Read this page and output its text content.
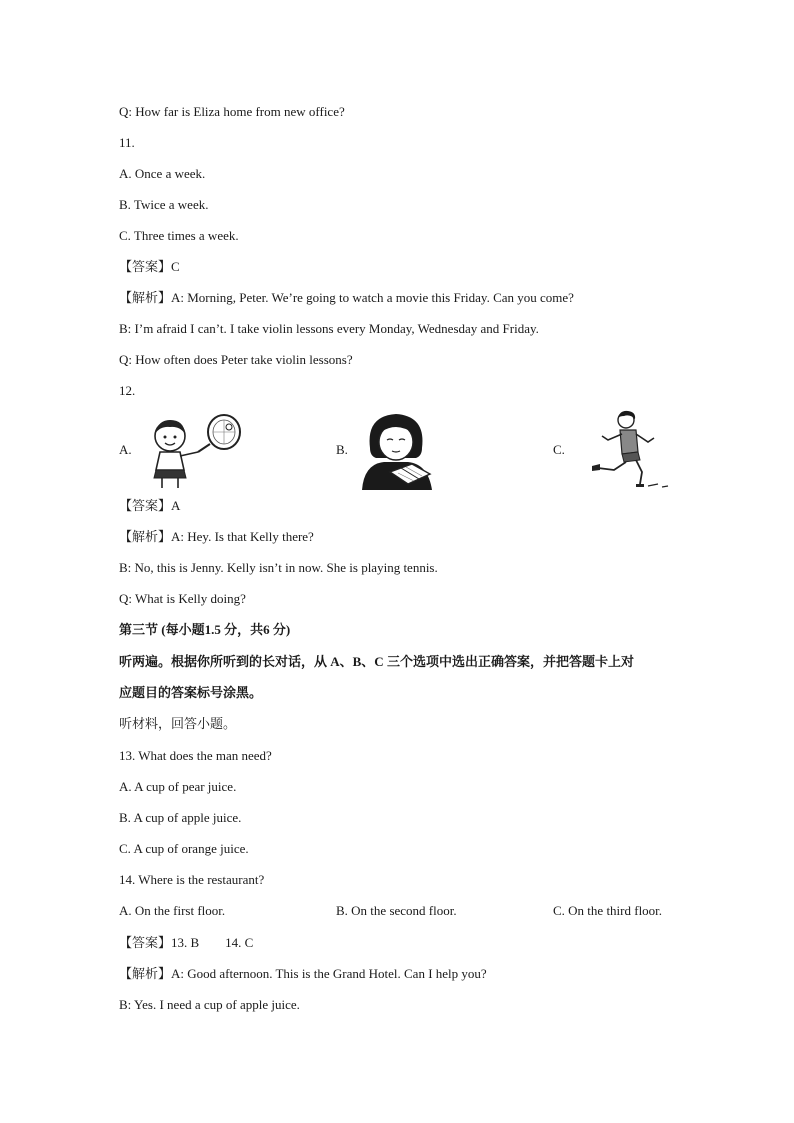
Q: How far is Eliza home from new office?
11.
A. Once a week.
B. Twice a week.
C. Three times a week.
【答案】C
【解析】A: Morning, Peter. We’re going to watch a movie this Friday. Can you come?
B: I’m afraid I can’t. I take violin lessons every Monday, Wednesday and Friday.
Q: How often does Peter take violin lessons?
12.
A.	B.	C.
【答案】A
【解析】A: Hey. Is that Kelly there?
B: No, this is Jenny. Kelly isn’t in now. She is playing tennis.
Q: What is Kelly doing?
第三节 (每小题1.5 分，共6 分)
听两遍。根据你所听到的长对话，从 A、B、C 三个选项中选出正确答案，并把答题卡上对
应题目的答案标号涂黑。
听材料，回答小题。
13. What does the man need?
A. A cup of pear juice.
B. A cup of apple juice.
C. A cup of orange juice.
14. Where is the restaurant?
A. On the first floor.	B. On the second floor.	C. On the third floor.
【答案】13. B        14. C
【解析】A: Good afternoon. This is the Grand Hotel. Can I help you?
B: Yes. I need a cup of apple juice.
